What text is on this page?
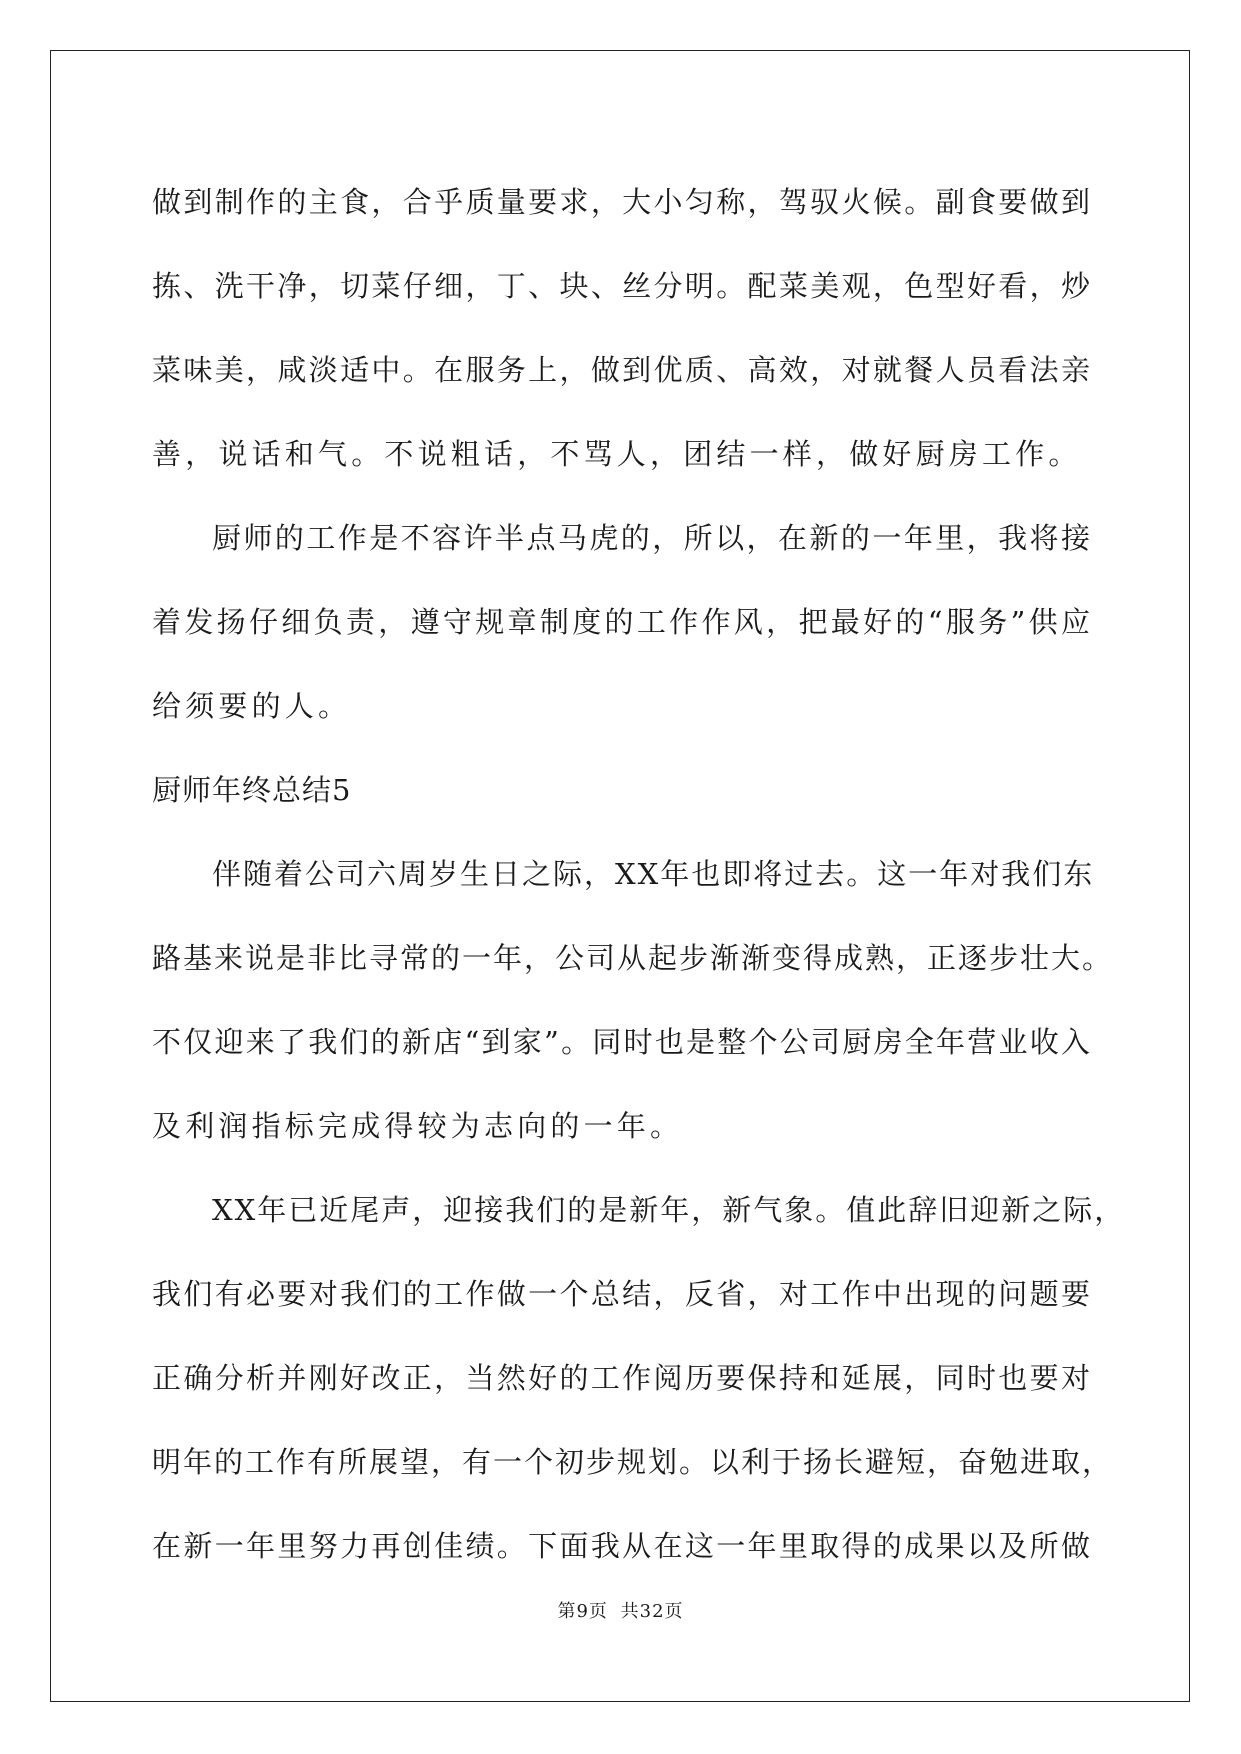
做到制作的主食，合乎质量要求，大小匀称，驾驭火候。副食要做到
拣、洗干净，切菜仔细，丁、块、丝分明。配菜美观，色型好看，炒
菜味美，咸淡适中。在服务上，做到优质、高效，对就餐人员看法亲
善，说话和气。不说粗话，不骂人，团结一样，做好厨房工作。
厨师的工作是不容许半点马虎的，所以，在新的一年里，我将接
着发扬仔细负责，遵守规章制度的工作作风，把最好的“服务”供应
给须要的人。
厨师年终总结5
伴随着公司六周岁生日之际，XX年也即将过去。这一年对我们东
路基来说是非比寻常的一年，公司从起步渐渐变得成熟，正逐步壮大。
不仅迎来了我们的新店“到家”。同时也是整个公司厨房全年营业收入
及利润指标完成得较为志向的一年。
XX年已近尾声，迎接我们的是新年，新气象。值此辞旧迎新之际，
我们有必要对我们的工作做一个总结，反省，对工作中出现的问题要
正确分析并刚好改正，当然好的工作阅历要保持和延展，同时也要对
明年的工作有所展望，有一个初步规划。以利于扬长避短，奋勉进取，
在新一年里努力再创佳绩。下面我从在这一年里取得的成果以及所做
第9页 共32页
